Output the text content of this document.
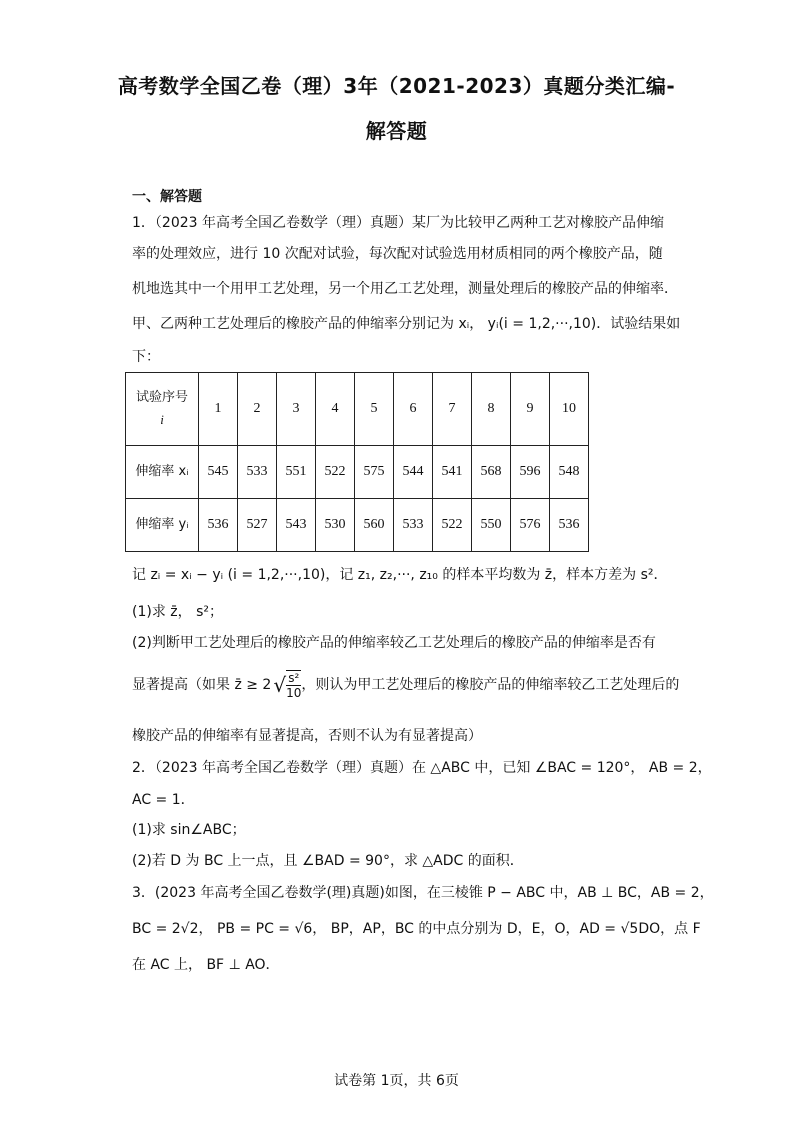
高考数学全国乙卷（理）3年（2021-2023）真题分类汇编-
解答题
一、解答题
1．（2023 年高考全国乙卷数学（理）真题）某厂为比较甲乙两种工艺对橡胶产品伸缩
率的处理效应，进行 10 次配对试验，每次配对试验选用材质相同的两个橡胶产品，随
机地选其中一个用甲工艺处理，另一个用乙工艺处理，测量处理后的橡胶产品的伸缩率．
甲、乙两种工艺处理后的橡胶产品的伸缩率分别记为 xᵢ， yᵢ(i = 1,2,···,10)．试验结果如
下：
试验序号
i	1	2	3	4	5	6	7	8	9	10
伸缩率 xᵢ	545	533	551	522	575	544	541	568	596	548
伸缩率 yᵢ	536	527	543	530	560	533	522	550	576	536
记 zᵢ = xᵢ − yᵢ (i = 1,2,···,10)，记 z₁, z₂,···, z₁₀ 的样本平均数为 z̄，样本方差为 s²．
(1)求 z̄， s²；
(2)判断甲工艺处理后的橡胶产品的伸缩率较乙工艺处理后的橡胶产品的伸缩率是否有
显著提高（如果 z̄ ≥ 2 √ $\frac{\text{s²}}{10}$ ，则认为甲工艺处理后的橡胶产品的伸缩率较乙工艺处理后的
橡胶产品的伸缩率有显著提高，否则不认为有显著提高）
2．（2023 年高考全国乙卷数学（理）真题）在 △ABC 中，已知 ∠BAC = 120°， AB = 2，
AC = 1．
(1)求 sin∠ABC；
(2)若 D 为 BC 上一点，且 ∠BAD = 90°，求 △ADC 的面积．
3．(2023 年高考全国乙卷数学(理)真题)如图，在三棱锥 P − ABC 中，AB ⊥ BC，AB = 2，
BC = 2√2， PB = PC = √6， BP，AP，BC 的中点分别为 D，E，O，AD = √5DO，点 F
在 AC 上， BF ⊥ AO．
试卷第 1页，共 6页
